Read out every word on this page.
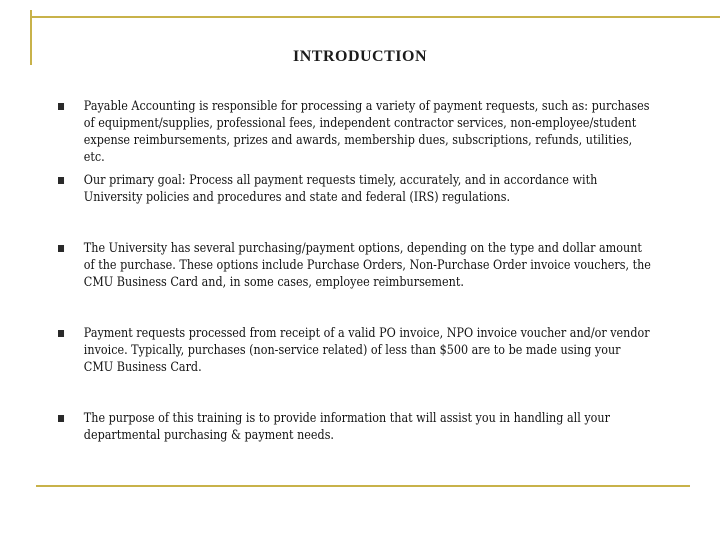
INTRODUCTION
Payable Accounting is responsible for processing a variety of payment requests, such as: purchases of equipment/supplies, professional fees, independent contractor services, non-employee/student expense reimbursements, prizes and awards, membership dues, subscriptions, refunds, utilities, etc.
Our primary goal: Process all payment requests timely, accurately, and in accordance with University policies and procedures and state and federal (IRS) regulations.
The University has several purchasing/payment options, depending on the type and dollar amount of the purchase. These options include Purchase Orders, Non-Purchase Order invoice vouchers, the CMU Business Card and, in some cases, employee reimbursement.
Payment requests processed from receipt of a valid PO invoice, NPO invoice voucher and/or vendor invoice. Typically, purchases (non-service related) of less than $500 are to be made using your CMU Business Card.
The purpose of this training is to provide information that will assist you in handling all your departmental purchasing & payment needs.
